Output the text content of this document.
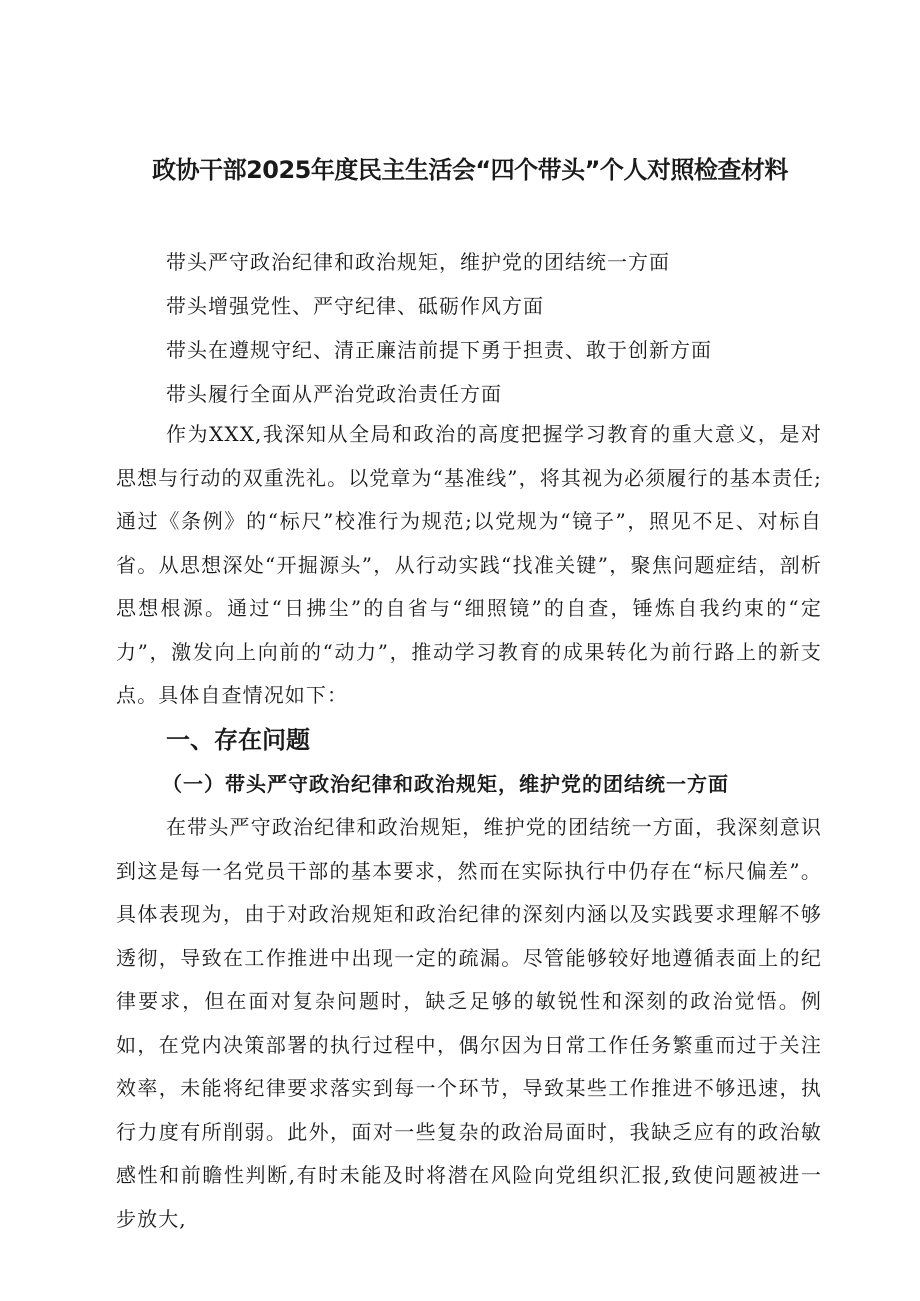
政协干部2025年度民主生活会“四个带头”个人对照检查材料
带头严守政治纪律和政治规矩，维护党的团结统一方面
带头增强党性、严守纪律、砥砺作风方面
带头在遵规守纪、清正廉洁前提下勇于担责、敢于创新方面
带头履行全面从严治党政治责任方面

作为XXX,我深知从全局和政治的高度把握学习教育的重大意义，是对思想与行动的双重洗礼。以党章为“基准线”，将其视为必须履行的基本责任;通过《条例》的“标尺”校准行为规范;以党规为“镜子”，照见不足、对标自省。从思想深处“开掘源头”，从行动实践“找准关键”，聚焦问题症结，剖析思想根源。通过“日拂尘”的自省与“细照镜”的自查，锤炼自我约束的“定力”，激发向上向前的“动力”，推动学习教育的成果转化为前行路上的新支点。具体自查情况如下：

一、存在问题
（一）带头严守政治纪律和政治规矩，维护党的团结统一方面

在带头严守政治纪律和政治规矩，维护党的团结统一方面，我深刻意识到这是每一名党员干部的基本要求，然而在实际执行中仍存在“标尺偏差”。具体表现为，由于对政治规矩和政治纪律的深刻内涵以及实践要求理解不够透彻，导致在工作推进中出现一定的疏漏。尽管能够较好地遵循表面上的纪律要求，但在面对复杂问题时，缺乏足够的敏锐性和深刻的政治觉悟。例如，在党内决策部署的执行过程中，偶尔因为日常工作任务繁重而过于关注效率，未能将纪律要求落实到每一个环节，导致某些工作推进不够迅速，执行力度有所削弱。此外，面对一些复杂的政治局面时，我缺乏应有的政治敏感性和前瞻性判断,有时未能及时将潜在风险向党组织汇报,致使问题被进一步放大,
